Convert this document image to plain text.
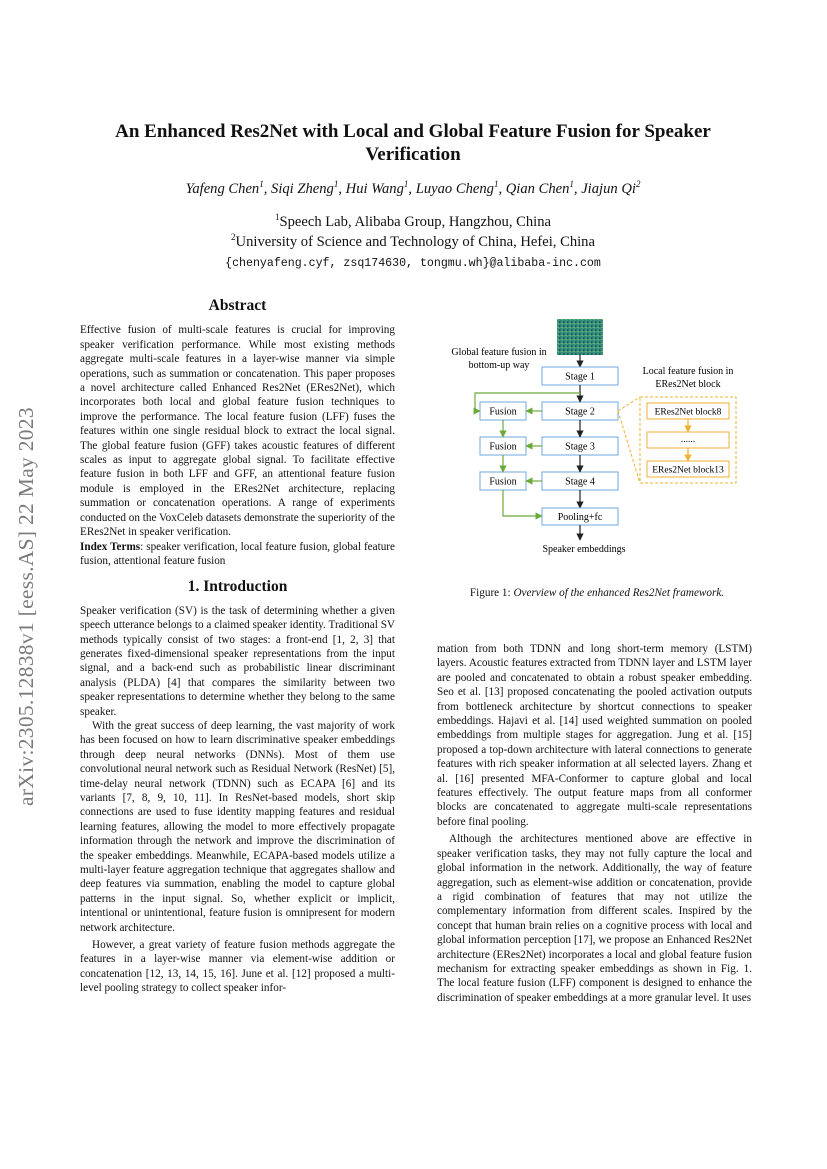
arXiv:2305.12838v1 [eess.AS] 22 May 2023
An Enhanced Res2Net with Local and Global Feature Fusion for Speaker Verification
Yafeng Chen$^1$, Siqi Zheng$^1$, Hui Wang$^1$, Luyao Cheng$^1$, Qian Chen$^1$, Jiajun Qi$^2$
$^1$Speech Lab, Alibaba Group, Hangzhou, China
$^2$University of Science and Technology of China, Hefei, China
{chenyafeng.cyf, zsq174630, tongmu.wh}@alibaba-inc.com

Abstract

Effective fusion of multi-scale features is crucial for improving speaker verification performance. While most existing methods aggregate multi-scale features in a layer-wise manner via simple operations, such as summation or concatenation. This paper proposes a novel architecture called Enhanced Res2Net (ERes2Net), which incorporates both local and global feature fusion techniques to improve the performance. The local feature fusion (LFF) fuses the features within one single residual block to extract the local signal. The global feature fusion (GFF) takes acoustic features of different scales as input to aggregate global signal. To facilitate effective feature fusion in both LFF and GFF, an attentional feature fusion module is employed in the ERes2Net architecture, replacing summation or concatenation operations. A range of experiments conducted on the VoxCeleb datasets demonstrate the superiority of the ERes2Net in speaker verification.

Index Terms: speaker verification, local feature fusion, global feature fusion, attentional feature fusion

1. Introduction

Speaker verification (SV) is the task of determining whether a given speech utterance belongs to a claimed speaker identity. Traditional SV methods typically consist of two stages: a front-end [1, 2, 3] that generates fixed-dimensional speaker representations from the input signal, and a back-end such as probabilistic linear discriminant analysis (PLDA) [4] that compares the similarity between two speaker representations to determine whether they belong to the same speaker.

With the great success of deep learning, the vast majority of work has been focused on how to learn discriminative speaker embeddings through deep neural networks (DNNs). Most of them use convolutional neural network such as Residual Network (ResNet) [5], time-delay neural network (TDNN) such as ECAPA [6] and its variants [7, 8, 9, 10, 11]. In ResNet-based models, short skip connections are used to fuse identity mapping features and residual learning features, allowing the model to more effectively propagate information through the network and improve the discrimination of the speaker embeddings. Meanwhile, ECAPA-based models utilize a multi-layer feature aggregation technique that aggregates shallow and deep features via summation, enabling the model to capture global patterns in the input signal. So, whether explicit or implicit, intentional or unintentional, feature fusion is omnipresent for modern network architecture.

However, a great variety of feature fusion methods aggregate the features in a layer-wise manner via element-wise addition or concatenation [12, 13, 14, 15, 16]. June et al. [12] proposed a multi-level pooling strategy to collect speaker infor-

Global feature fusion in
bottom-up way
Local feature fusion in
ERes2Net block
Stage 1
Stage 2
Stage 3
Stage 4
Fusion
Fusion
Fusion
Pooling+fc
Speaker embeddings
ERes2Net block8
......
ERes2Net block13
Figure 1: Overview of the enhanced Res2Net framework.

mation from both TDNN and long short-term memory (LSTM) layers. Acoustic features extracted from TDNN layer and LSTM layer are pooled and concatenated to obtain a robust speaker embedding. Seo et al. [13] proposed concatenating the pooled activation outputs from bottleneck architecture by shortcut connections to speaker embeddings. Hajavi et al. [14] used weighted summation on pooled embeddings from multiple stages for aggregation. Jung et al. [15] proposed a top-down architecture with lateral connections to generate features with rich speaker information at all selected layers. Zhang et al. [16] presented MFA-Conformer to capture global and local features effectively. The output feature maps from all conformer blocks are concatenated to aggregate multi-scale representations before final pooling.

Although the architectures mentioned above are effective in speaker verification tasks, they may not fully capture the local and global information in the network. Additionally, the way of feature aggregation, such as element-wise addition or concatenation, provide a rigid combination of features that may not utilize the complementary information from different scales. Inspired by the concept that human brain relies on a cognitive process with local and global information perception [17], we propose an Enhanced Res2Net architecture (ERes2Net) incorporates a local and global feature fusion mechanism for extracting speaker embeddings as shown in Fig. 1. The local feature fusion (LFF) component is designed to enhance the discrimination of speaker embeddings at a more granular level. It uses
